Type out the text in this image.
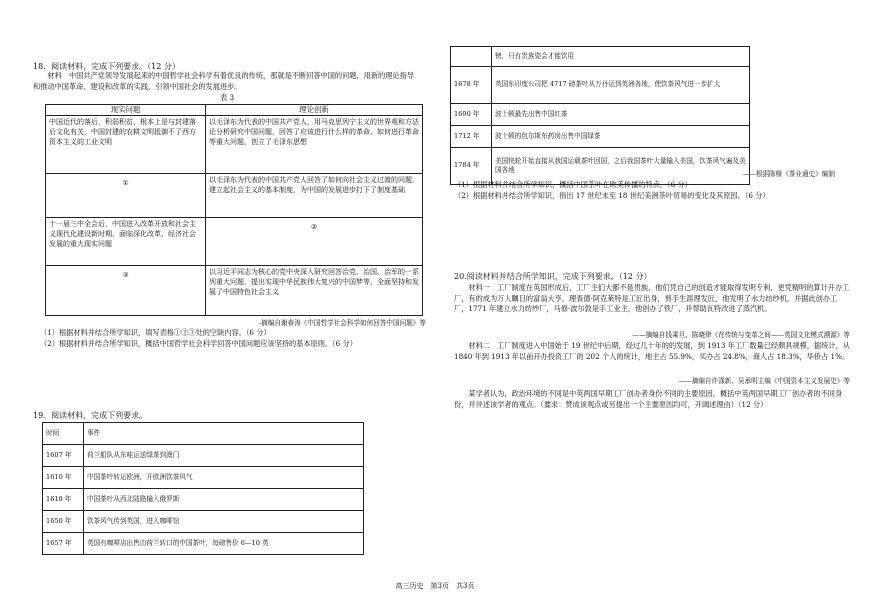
18．阅读材料，完成下列要求。（12 分）
材料　中国共产党领导发展起来的中国哲学社会科学有着优良的传统，那就是不断回答中国的问题，用新的理论指导和推动中国革命、建设和改革的实践，引领中国社会的发展进步。
表 3
现实问题	理论创新
中国近代的落后，积弱积贫，根本上是与封建落后文化有关，中国封建的农耕文明抵御不了西方资本主义的工业文明	以毛泽东为代表的中国共产党人，用马克思列宁主义的世界观和方法论分析研究中国问题，回答了应该进行什么样的革命、如何进行革命等重大问题，创立了毛泽东思想

①	以毛泽东为代表的中国共产党人回答了如何向社会主义过渡的问题，建立起社会主义的基本制度，为中国的发展进步打下了制度基础
十一届三中全会后，中国进入改革开放和社会主义现代化建设新时期，面临深化改革、经济社会发展的重大现实问题	②

③	以习近平同志为核心的党中央深入研究回答治党、治国、治军的一系列重大问题，提出实现中华民族伟大复兴的中国梦等，全面坚持和发展了中国特色社会主义
-摘编自谢春涛《中国哲学社会科学如何回答中国问题》等
（1）根据材料并结合所学知识，填写表格①②③处的空缺内容。（6 分）
（2）根据材料并结合所学知识，概括中国哲学社会科学回答中国问题应该坚持的基本原则。（6 分）
19．阅读材料，完成下列要求。
时间	事件
1607 年	荷兰船队从东哇运送绿茶到澳门
1610 年	中国茶叶转运欧洲，开欧洲饮茶风气
1618 年	中国茶叶从西北陆路输入俄罗斯
1650 年	饮茶风气传到英国，进入咖啡馆
1657 年	英国有咖啡店出售由荷兰转口的中国茶叶，每磅售价 6—10 英
	镑，只有贵族姿会才能饮用
1678 年	英国东印度公司把 4717 磅茶叶从万丹运到英洲各地，使饮茶风气进一步扩大
1690 年	波士顿最先出售中国红茶
1712 年	波士顿的包尔斯东药房出售中国绿茶
1784 年	美国快轮开始直接从我国运载茶叶回国，之后我国茶叶大量输入美国，饮茶风气遍及美国各地	——根据陈椽《茶业通史》编制
（1）根据材料并结合所学知识，概括中国茶叶在欧美传播的特点。（6 分）
（2）根据材料并结合所学知识，指出 17 世纪末至 18 世纪美洲茶叶贸易的变化及其原因。（6 分）
20.阅读材料并结合所学知识，完成下列要求。（12 分）
材料一　工厂制度在英国形成后，工厂主们大都不是贵族，他们凭自己的创造才能取得发明专利，更凭精明的算计开办工厂，有的成为万人瞩目的富翁大亨。理查德·阿克莱特是工匠出身，剪手生涯理发匠，他发明了水力纺纱机，并据此创办工厂，1771 年建立水力纺纱厂，马修·波尔敦是手工业主，他创办了铁厂，并帮助瓦特改进了蒸汽机。
——摘编自钱乘旦、陈晓律《在传统与变革之间——英国文化模式溯源》等
材料二　工厂制度进入中国始于 19 世纪中后期，经过几十年的的发展，到 1913 年工厂数量已经颇具规模，据统计，从 1840 年到 1913 年以前开办投资工厂的 202 个人的统计，地主占 55.9%，买办占 24.8%，商人占 18.3%，华侨占 1%。
——摘编自许涤新、吴承明主编《中国资本主义发展史》等
某学者认为，政治环境的不同是中英两国早期工厂创办者身份不同的主要原因，概括中英两国早期工厂创办者的不同身份，并评述该学者的观点。（要求：赞成该观点或另提出一个主要原因均可，开阔述理由）（12 分）
高三历史　第3页　共3页
